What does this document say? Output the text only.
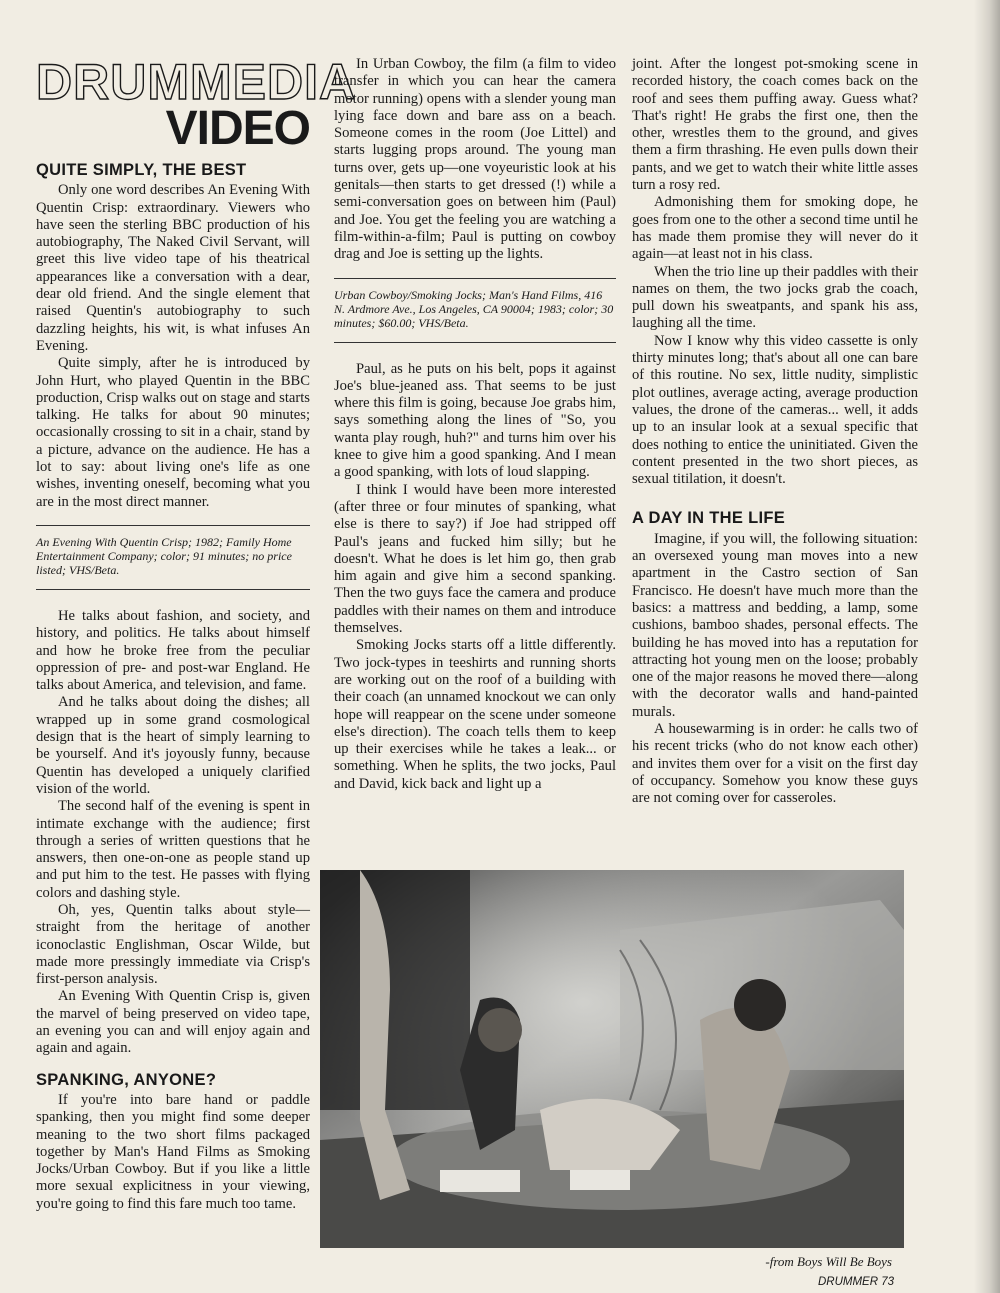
DRUMMEDIA
VIDEO
QUITE SIMPLY, THE BEST

Only one word describes An Evening With Quentin Crisp: extraordinary. Viewers who have seen the sterling BBC production of his autobiography, The Naked Civil Servant, will greet this live video tape of his theatrical appearances like a conversation with a dear, dear old friend. And the single element that raised Quentin's autobiography to such dazzling heights, his wit, is what infuses An Evening.

Quite simply, after he is introduced by John Hurt, who played Quentin in the BBC production, Crisp walks out on stage and starts talking. He talks for about 90 minutes; occasionally crossing to sit in a chair, stand by a picture, advance on the audience. He has a lot to say: about living one's life as one wishes, inventing oneself, becoming what you are in the most direct manner.

An Evening With Quentin Crisp; 1982; Family Home Entertainment Company; color; 91 minutes; no price listed; VHS/Beta.

He talks about fashion, and society, and history, and politics. He talks about himself and how he broke free from the peculiar oppression of pre- and post-war England. He talks about America, and television, and fame.

And he talks about doing the dishes; all wrapped up in some grand cosmological design that is the heart of simply learning to be yourself. And it's joyously funny, because Quentin has developed a uniquely clarified vision of the world.

The second half of the evening is spent in intimate exchange with the audience; first through a series of written questions that he answers, then one-on-one as people stand up and put him to the test. He passes with flying colors and dashing style.

Oh, yes, Quentin talks about style—straight from the heritage of another iconoclastic Englishman, Oscar Wilde, but made more pressingly immediate via Crisp's first-person analysis.

An Evening With Quentin Crisp is, given the marvel of being preserved on video tape, an evening you can and will enjoy again and again and again.

SPANKING, ANYONE?

If you're into bare hand or paddle spanking, then you might find some deeper meaning to the two short films packaged together by Man's Hand Films as Smoking Jocks/Urban Cowboy. But if you like a little more sexual explicitness in your viewing, you're going to find this fare much too tame.

In Urban Cowboy, the film (a film to video transfer in which you can hear the camera motor running) opens with a slender young man lying face down and bare ass on a beach. Someone comes in the room (Joe Littel) and starts lugging props around. The young man turns over, gets up—one voyeuristic look at his genitals—then starts to get dressed (!) while a semi-conversation goes on between him (Paul) and Joe. You get the feeling you are watching a film-within-a-film; Paul is putting on cowboy drag and Joe is setting up the lights.

Urban Cowboy/Smoking Jocks; Man's Hand Films, 416 N. Ardmore Ave., Los Angeles, CA 90004; 1983; color; 30 minutes; $60.00; VHS/Beta.

Paul, as he puts on his belt, pops it against Joe's blue-jeaned ass. That seems to be just where this film is going, because Joe grabs him, says something along the lines of "So, you wanta play rough, huh?" and turns him over his knee to give him a good spanking. And I mean a good spanking, with lots of loud slapping.

I think I would have been more interested (after three or four minutes of spanking, what else is there to say?) if Joe had stripped off Paul's jeans and fucked him silly; but he doesn't. What he does is let him go, then grab him again and give him a second spanking. Then the two guys face the camera and produce paddles with their names on them and introduce themselves.

Smoking Jocks starts off a little differently. Two jock-types in teeshirts and running shorts are working out on the roof of a building with their coach (an unnamed knockout we can only hope will reappear on the scene under someone else's direction). The coach tells them to keep up their exercises while he takes a leak... or something. When he splits, the two jocks, Paul and David, kick back and light up a

joint. After the longest pot-smoking scene in recorded history, the coach comes back on the roof and sees them puffing away. Guess what? That's right! He grabs the first one, then the other, wrestles them to the ground, and gives them a firm thrashing. He even pulls down their pants, and we get to watch their white little asses turn a rosy red.

Admonishing them for smoking dope, he goes from one to the other a second time until he has made them promise they will never do it again—at least not in his class.

When the trio line up their paddles with their names on them, the two jocks grab the coach, pull down his sweatpants, and spank his ass, laughing all the time.

Now I know why this video cassette is only thirty minutes long; that's about all one can bare of this routine. No sex, little nudity, simplistic plot outlines, average acting, average production values, the drone of the cameras... well, it adds up to an insular look at a sexual specific that does nothing to entice the uninitiated. Given the content presented in the two short pieces, as sexual titilation, it doesn't.

A DAY IN THE LIFE

Imagine, if you will, the following situation: an oversexed young man moves into a new apartment in the Castro section of San Francisco. He doesn't have much more than the basics: a mattress and bedding, a lamp, some cushions, bamboo shades, personal effects. The building he has moved into has a reputation for attracting hot young men on the loose; probably one of the major reasons he moved there—along with the decorator walls and hand-painted murals.

A housewarming is in order: he calls two of his recent tricks (who do not know each other) and invites them over for a visit on the first day of occupancy. Somehow you know these guys are not coming over for casseroles.

-from Boys Will Be Boys
DRUMMER 73
